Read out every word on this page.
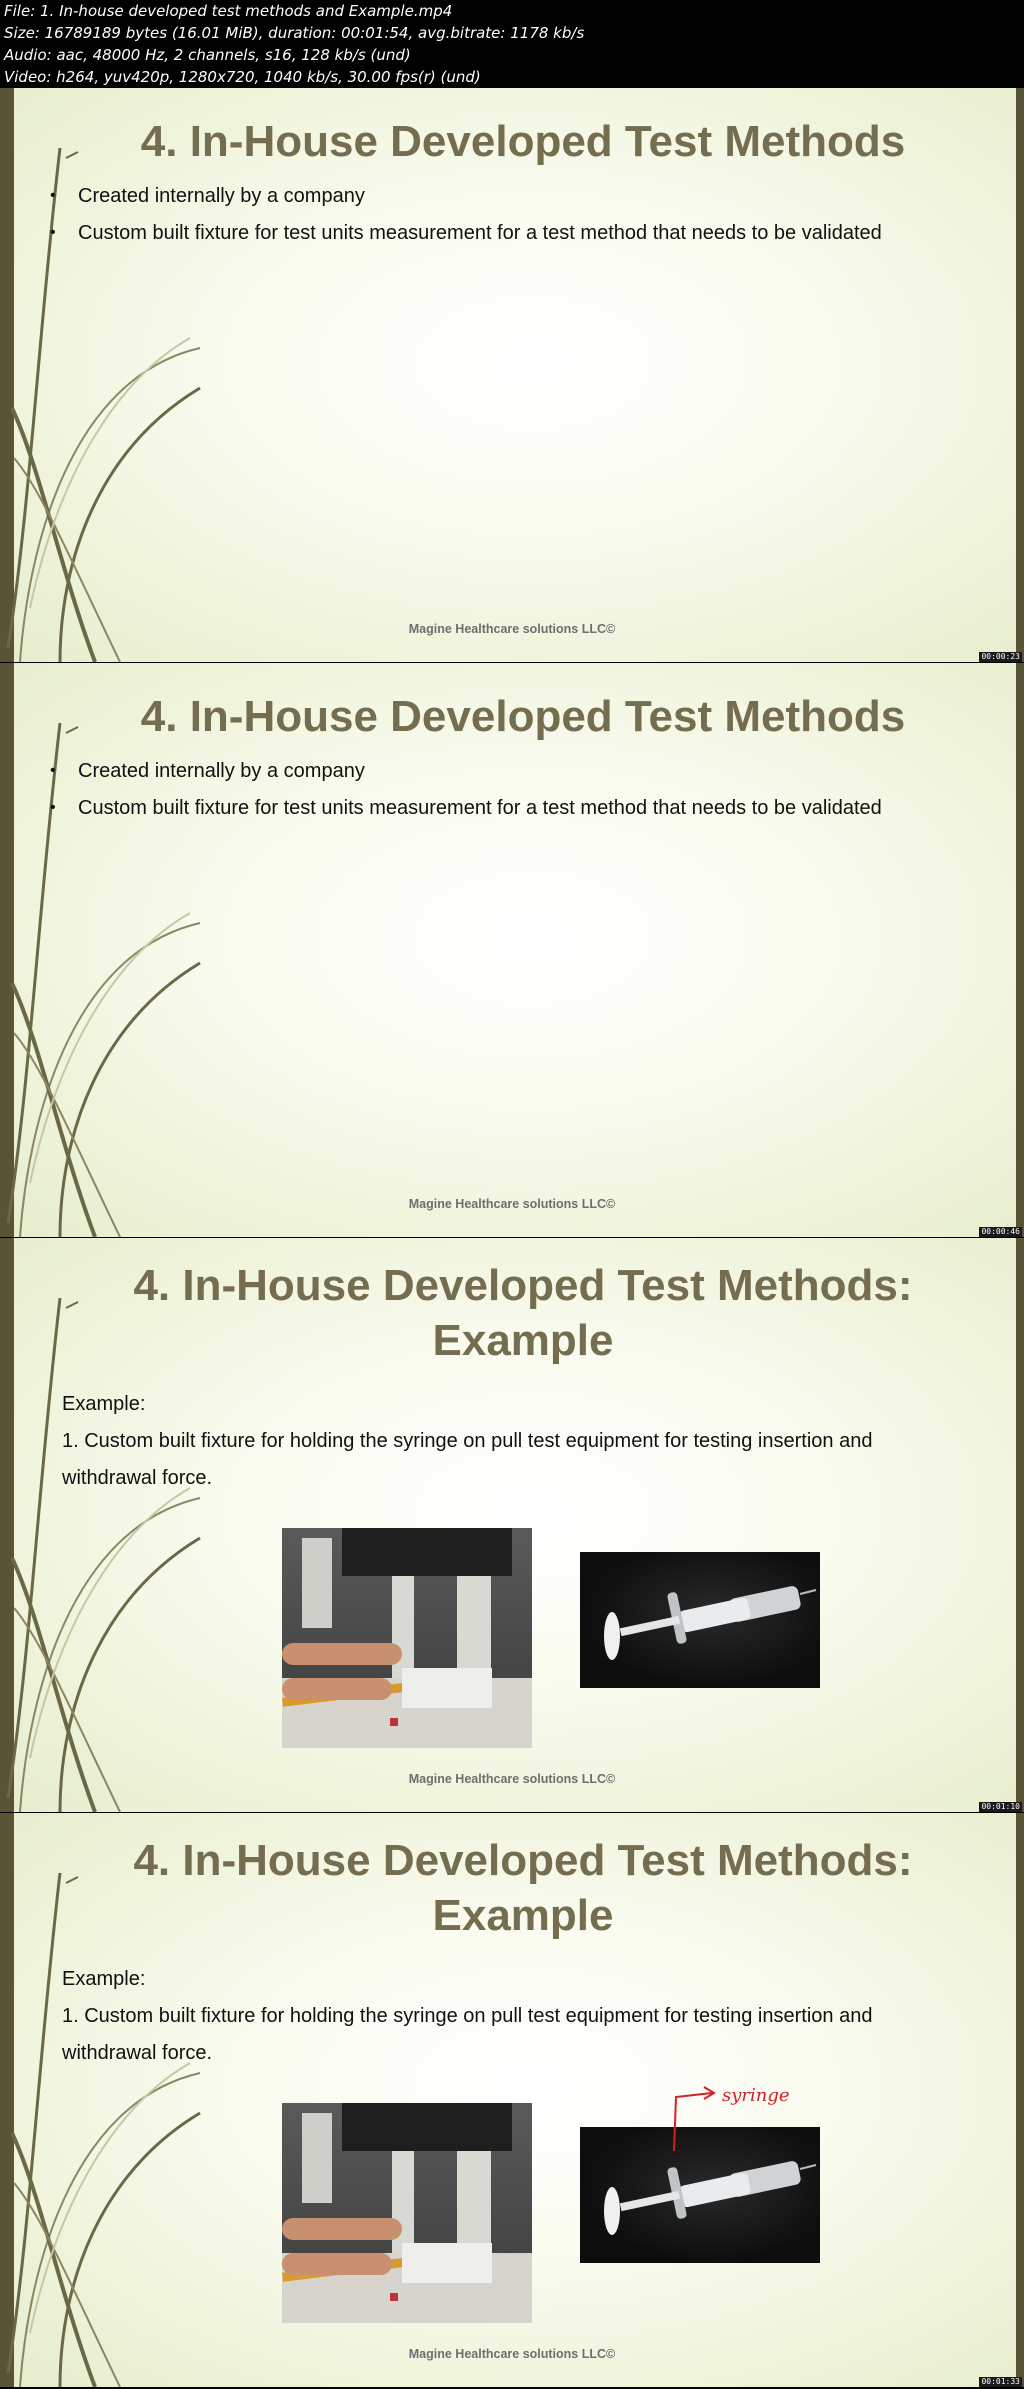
File: 1. In-house developed test methods and Example.mp4
Size: 16789189 bytes (16.01 MiB), duration: 00:01:54, avg.bitrate: 1178 kb/s
Audio: aac, 48000 Hz, 2 channels, s16, 128 kb/s (und)
Video: h264, yuv420p, 1280x720, 1040 kb/s, 30.00 fps(r) (und)
4. In-House Developed Test Methods
• Created internally by a company
• Custom built fixture for test units measurement for a test method that needs to be validated
Magine Healthcare solutions LLC©
00:00:23
4. In-House Developed Test Methods
• Created internally by a company
• Custom built fixture for test units measurement for a test method that needs to be validated
Magine Healthcare solutions LLC©
00:00:46
4. In-House Developed Test Methods:
Example
Example:
1. Custom built fixture for holding the syringe on pull test equipment for testing insertion and
withdrawal force.
Magine Healthcare solutions LLC©
00:01:10
4. In-House Developed Test Methods:
Example
Example:
1. Custom built fixture for holding the syringe on pull test equipment for testing insertion and
withdrawal force.
syringe
Magine Healthcare solutions LLC©
00:01:33
